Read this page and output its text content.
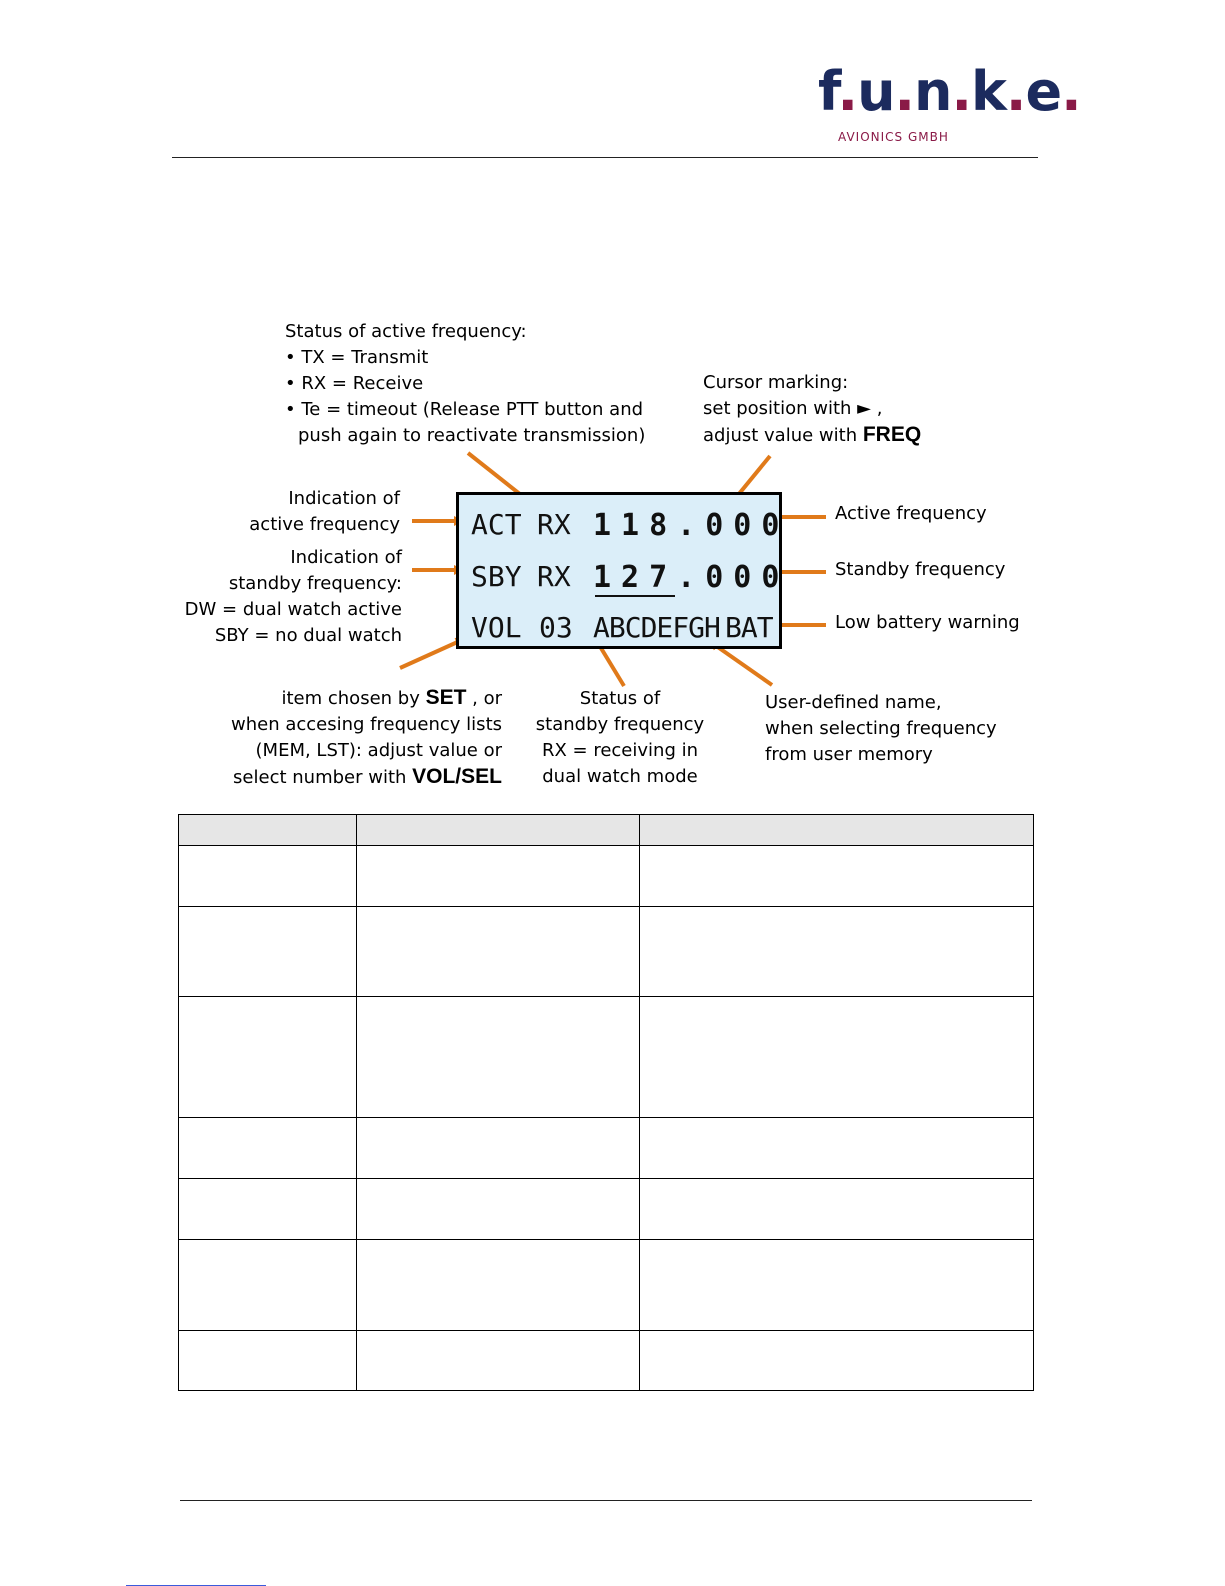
f.u.n.k.e.
AVIONICS GMBH
ACT RX 118.000
SBY RX 127.000
VOL 03 ABCDEFGH BAT
Status of active frequency:
• TX = Transmit
• RX = Receive
• Te = timeout (Release PTT button and
push again to reactivate transmission)
Cursor marking:
set position with ► ,
adjust value with FREQ
Indication of
active frequency
Indication of
standby frequency:
DW = dual watch active
SBY = no dual watch
Active frequency
Standby frequency
Low battery warning
item chosen by SET , or
when accesing frequency lists
(MEM, LST): adjust value or
select number with VOL/SEL
Status of
standby frequency
RX = receiving in
dual watch mode
User-defined name,
when selecting frequency
from user memory
